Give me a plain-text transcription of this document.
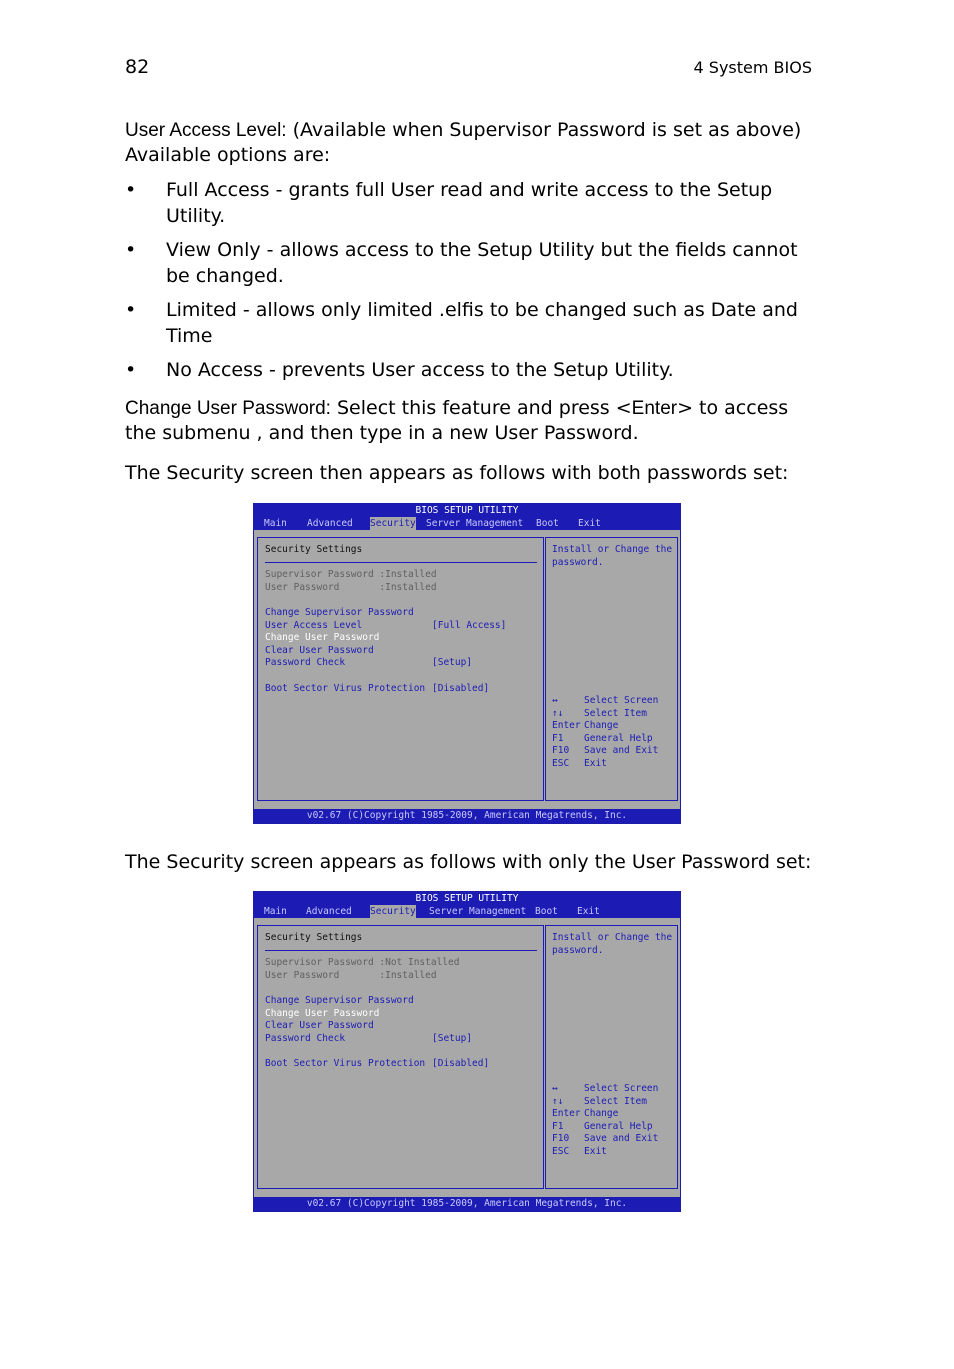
82	4 System BIOS
User Access Level: (Available when Supervisor Password is set as above)
Available options are:
• Full Access - grants full User read and write access to the Setup
Utility.
• View Only - allows access to the Setup Utility but the fields cannot
be changed.
• Limited - allows only limited .elfis to be changed such as Date and
Time
• No Access - prevents User access to the Setup Utility.
Change User Password: Select this feature and press <Enter> to access
the submenu , and then type in a new User Password.
The Security screen then appears as follows with both passwords set:
BIOS SETUP UTILITY
Main Advanced Security Server Management Boot Exit
Security Settings
Supervisor Password :Installed
User Password       :Installed
Change Supervisor Password
User Access Level	[Full Access]
Change User Password
Clear User Password
Password Check	[Setup]
Boot Sector Virus Protection [Disabled]
Install or Change the
password.
↔	Select Screen
↑↓ Select Item
Enter Change
F1 General Help
F10 Save and Exit
ESC Exit
v02.67 (C)Copyright 1985-2009, American Megatrends, Inc.
The Security screen appears as follows with only the User Password set:
BIOS SETUP UTILITY
Main Advanced Security Server Management Boot Exit
Security Settings
Supervisor Password :Not Installed
User Password       :Installed
Change Supervisor Password
Change User Password
Clear User Password
Password Check	[Setup]
Boot Sector Virus Protection [Disabled]
Install or Change the
password.
↔	Select Screen
↑↓ Select Item
Enter Change
F1 General Help
F10 Save and Exit
ESC Exit
v02.67 (C)Copyright 1985-2009, American Megatrends, Inc.
